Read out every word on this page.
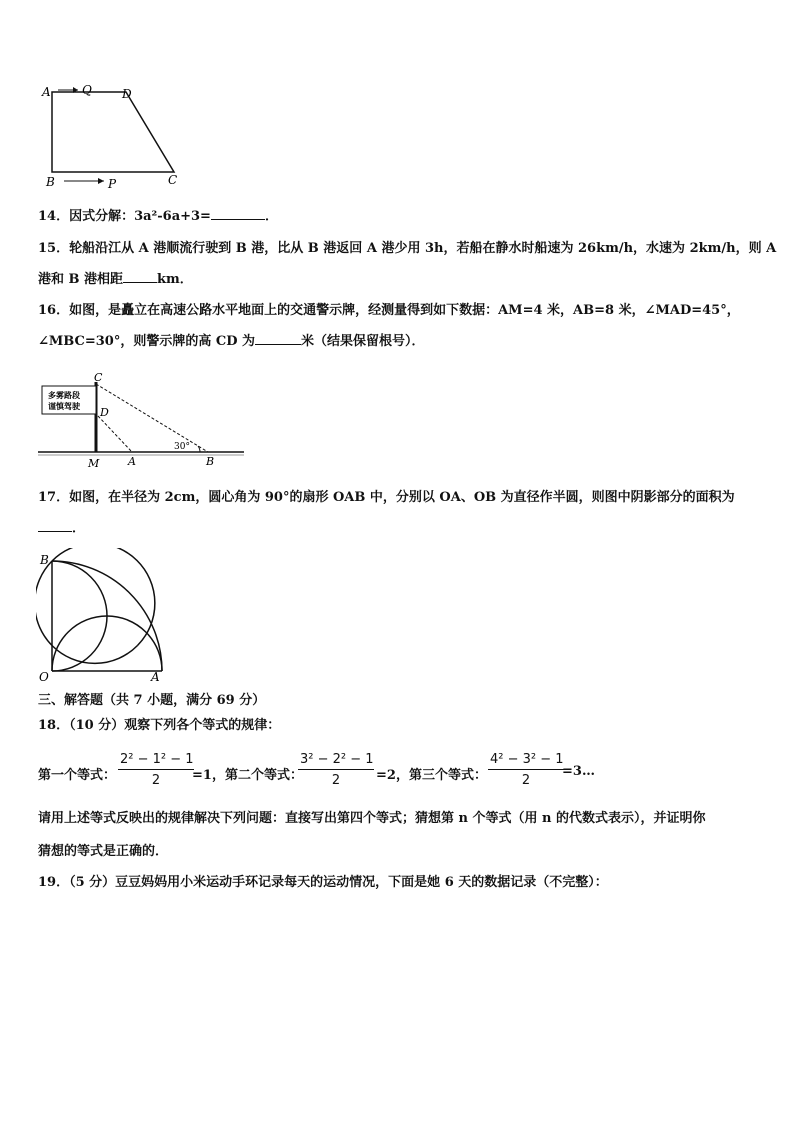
A	Q	D
B	P	C
14．因式分解：3a²-6a+3=	．
15．轮船沿江从 A 港顺流行驶到 B 港，比从 B 港返回 A 港少用 3h，若船在静水时船速为 26km/h，水速为 2km/h，则 A
港和 B 港相距	km．
16．如图，是矗立在高速公路水平地面上的交通警示牌，经测量得到如下数据：AM=4 米，AB=8 米，∠MAD=45°，
∠MBC=30°，则警示牌的高 CD 为	米（结果保留根号）．
多雾路段
谨慎驾驶
C
D
M	A	B
30°
17．如图，在半径为 2cm，圆心角为 90°的扇形 OAB 中，分别以 OA、OB 为直径作半圆，则图中阴影部分的面积为
．
B
O	A
三、解答题（共 7 小题，满分 69 分）
18．（10 分）观察下列各个等式的规律：
第一个等式： $\frac{\text{2² − 1² − 1}}{2}$
=1，第二个等式：
$\frac{\text{3² − 2² − 1}}{2} =2$，第三个等式： $\frac{\text{4² − 3² − 1}}{2}$
=3…
请用上述等式反映出的规律解决下列问题：直接写出第四个等式；猜想第 n 个等式（用 n 的代数式表示），并证明你
猜想的等式是正确的．
19．（5 分）豆豆妈妈用小米运动手环记录每天的运动情况，下面是她 6 天的数据记录（不完整）：
